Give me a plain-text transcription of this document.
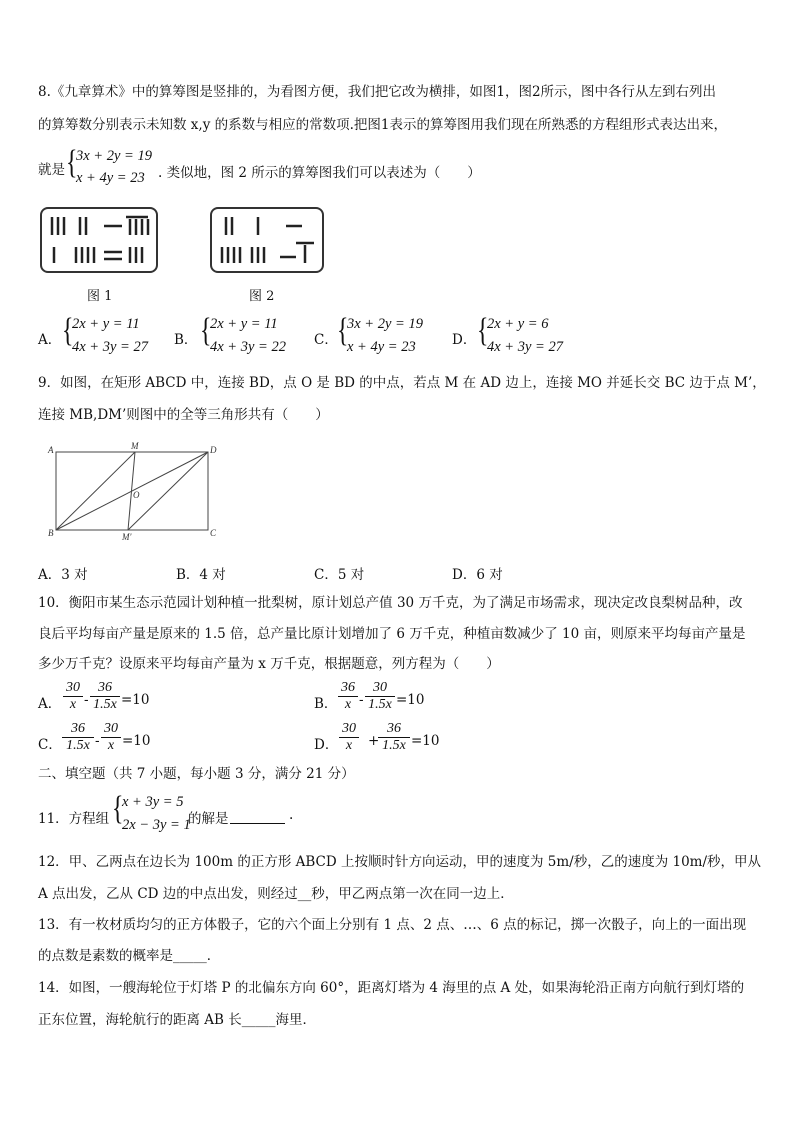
8.《九章算术》中的算筹图是竖排的，为看图方便，我们把它改为横排，如图1，图2所示，图中各行从左到右列出
的算筹数分别表示未知数 x,y 的系数与相应的常数项.把图1表示的算筹图用我们现在所熟悉的方程组形式表达出来，
就是 {
3x + 2y = 19
x + 4y = 23 . 类似地，图 2 所示的算筹图我们可以表述为（　　）
图 1	图 2
A． {
2x + y = 11
4x + 3y = 27 B． {
2x + y = 11
4x + 3y = 22 C． {
3x + 2y = 19
x + 4y = 23	D． {
2x + y = 6
4x + 3y = 27
9．如图，在矩形 ABCD 中，连接 BD，点 O 是 BD 的中点，若点 M 在 AD 边上，连接 MO 并延长交 BC 边于点 M’，
连接 MB,DM’则图中的全等三角形共有（　　）
A	M	D
O
B	M'	C
A．3 对	B．4 对	C．5 对	D．6 对
10．衡阳市某生态示范园计划种植一批梨树，原计划总产值 30 万千克，为了满足市场需求，现决定改良梨树品种，改
良后平均每亩产量是原来的 1.5 倍，总产量比原计划增加了 6 万千克，种植亩数减少了 10 亩，则原来平均每亩产量是
多少万千克？设原来平均每亩产量为 x 万千克，根据题意，列方程为（　　）
A．
30
x -
36
1.5x =10	B．
36
x -
30
1.5x =10
C．
36
1.5x -
30
x =10	D．
30
x	+
36
1.5x =10
二、填空题（共 7 小题，每小题 3 分，满分 21 分）
11．方程组 {
x + 3y = 5
2x − 3y = 1
的解是	.
12．甲、乙两点在边长为 100m 的正方形 ABCD 上按顺时针方向运动，甲的速度为 5m/秒，乙的速度为 10m/秒，甲从
A 点出发，乙从 CD 边的中点出发，则经过__秒，甲乙两点第一次在同一边上．
13．有一枚材质均匀的正方体骰子，它的六个面上分别有 1 点、2 点、…、6 点的标记，掷一次骰子，向上的一面出现
的点数是素数的概率是_____．
14．如图，一艘海轮位于灯塔 P 的北偏东方向 60°，距离灯塔为 4 海里的点 A 处，如果海轮沿正南方向航行到灯塔的
正东位置，海轮航行的距离 AB 长_____海里．
